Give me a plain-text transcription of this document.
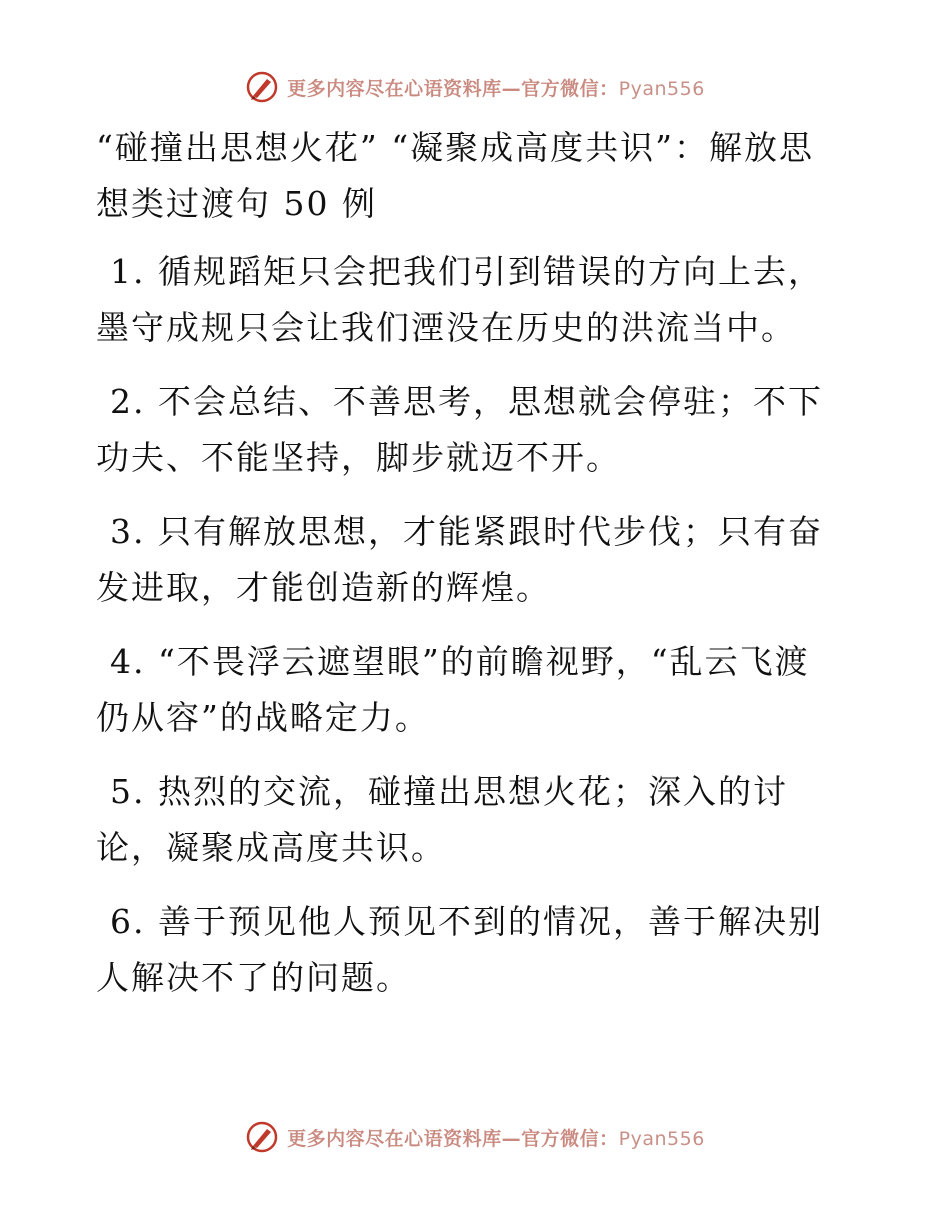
更多内容尽在心语资料库—官方微信：Pyan556

“碰撞出思想火花” “凝聚成高度共识”：解放思想类过渡句 50 例

1. 循规蹈矩只会把我们引到错误的方向上去，墨守成规只会让我们湮没在历史的洪流当中。

2. 不会总结、不善思考，思想就会停驻；不下功夫、不能坚持，脚步就迈不开。

3. 只有解放思想，才能紧跟时代步伐；只有奋发进取，才能创造新的辉煌。

4. “不畏浮云遮望眼”的前瞻视野，“乱云飞渡仍从容”的战略定力。

5. 热烈的交流，碰撞出思想火花；深入的讨论，凝聚成高度共识。

6. 善于预见他人预见不到的情况，善于解决别人解决不了的问题。

更多内容尽在心语资料库—官方微信：Pyan556
